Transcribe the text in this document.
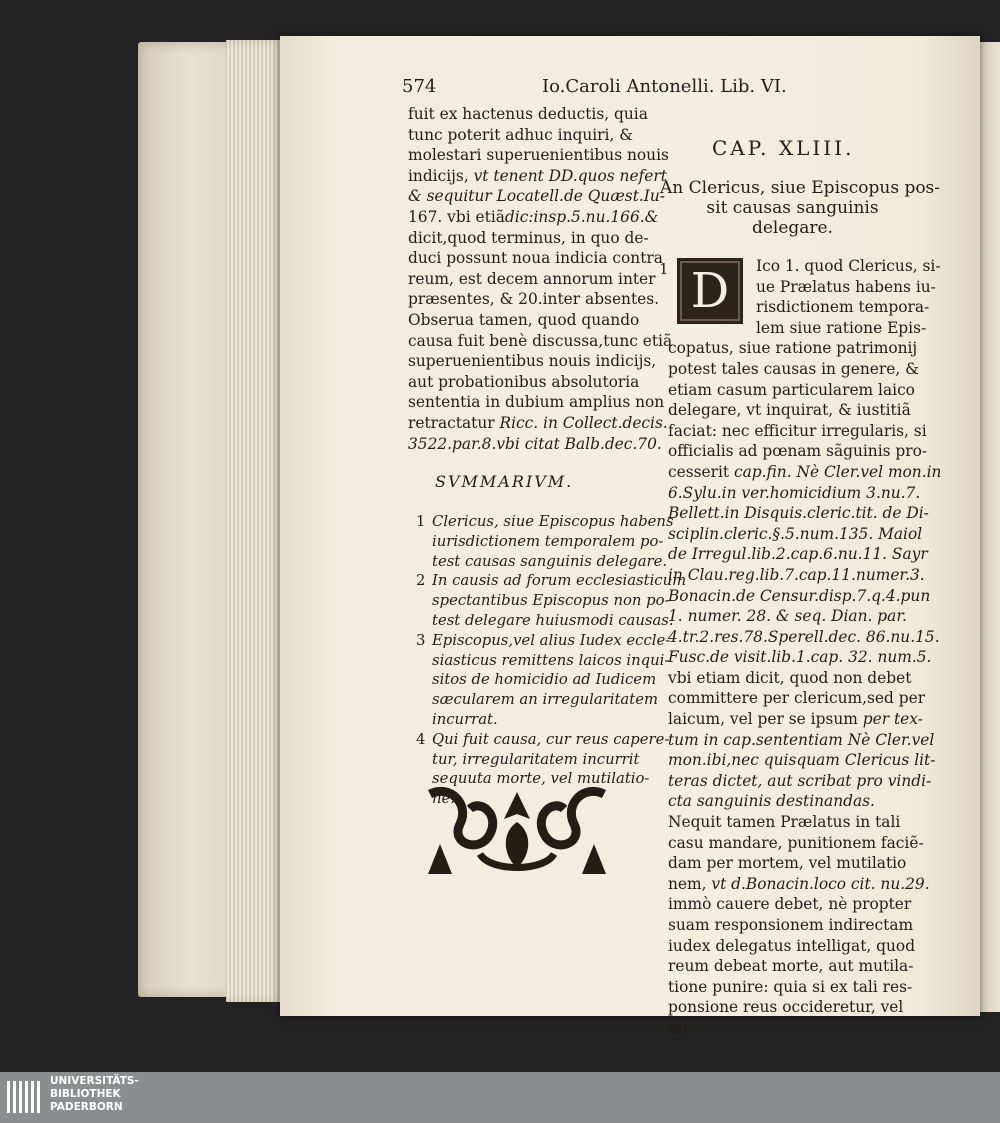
574	Io.Caroli Antonelli. Lib. VI.
fuit ex hactenus deductis, quia
tunc poterit adhuc inquiri, &
molestari superuenientibus nouis
indicijs, vt tenent DD.quos nefert
& sequitur Locatell.de Quæst.Iu-
167. vbi etiãdic:insp.5.nu.166.&
dicit,quod terminus, in quo de-
duci possunt noua indicia contra
reum, est decem annorum inter
præsentes, & 20.inter absentes.
Obserua tamen, quod quando
causa fuit benè discussa,tunc etiã
superuenientibus nouis indicijs,
aut probationibus absolutoria
sententia in dubium amplius non
retractatur Ricc. in Collect.decis.
3522.par.8.vbi citat Balb.dec.70.
SVMMARIVM.
1 Clericus, siue Episcopus habens
iurisdictionem temporalem po-
test causas sanguinis delegare.
2 In causis ad forum ecclesiasticum
spectantibus Episcopus non po-
test delegare huiusmodi causas.
3 Episcopus,vel alius Iudex eccle-
siasticus remittens laicos inqui-
sitos de homicidio ad Iudicem
sæcularem an irregularitatem
incurrat.
4 Qui fuit causa, cur reus capere-
tur, irregularitatem incurrit
sequuta morte, vel mutilatio-
ne.
CAP. XLIII.
An Clericus, siue Episcopus pos-
sit causas sanguinis
delegare.
1 D	Ico 1. quod Clericus, si-
ue Prælatus habens iu-
risdictionem tempora-
lem siue ratione Epis-
copatus, siue ratione patrimonij
potest tales causas in genere, &
etiam casum particularem laico
delegare, vt inquirat, & iustitiã
faciat: nec efficitur irregularis, si
officialis ad pœnam sãguinis pro-
cesserit cap.fin. Nè Cler.vel mon.in
6.Sylu.in ver.homicidium 3.nu.7.
Bellett.in Disquis.cleric.tit. de Di-
sciplin.cleric.§.5.num.135. Maiol
de Irregul.lib.2.cap.6.nu.11. Sayr
in Clau.reg.lib.7.cap.11.numer.3.
Bonacin.de Censur.disp.7.q.4.pun
1. numer. 28. & seq. Dian. par.
4.tr.2.res.78.Sperell.dec. 86.nu.15.
Fusc.de visit.lib.1.cap. 32. num.5.
vbi etiam dicit, quod non debet
committere per clericum,sed per
laicum, vel per se ipsum per tex-
tum in cap.sententiam Nè Cler.vel
mon.ibi,nec quisquam Clericus lit-
teras dictet, aut scribat pro vindi-
cta sanguinis destinandas.
Nequit tamen Prælatus in tali
casu mandare, punitionem faciẽ-
dam per mortem, vel mutilatio
nem, vt d.Bonacin.loco cit. nu.29.
immò cauere debet, nè propter
suam responsionem indirectam
iudex delegatus intelligat, quod
reum debeat morte, aut mutila-
tione punire: quia si ex tali res-
ponsione reus occideretur, vel
mu-
UNIVERSITÄTS-
BIBLIOTHEK
PADERBORN
